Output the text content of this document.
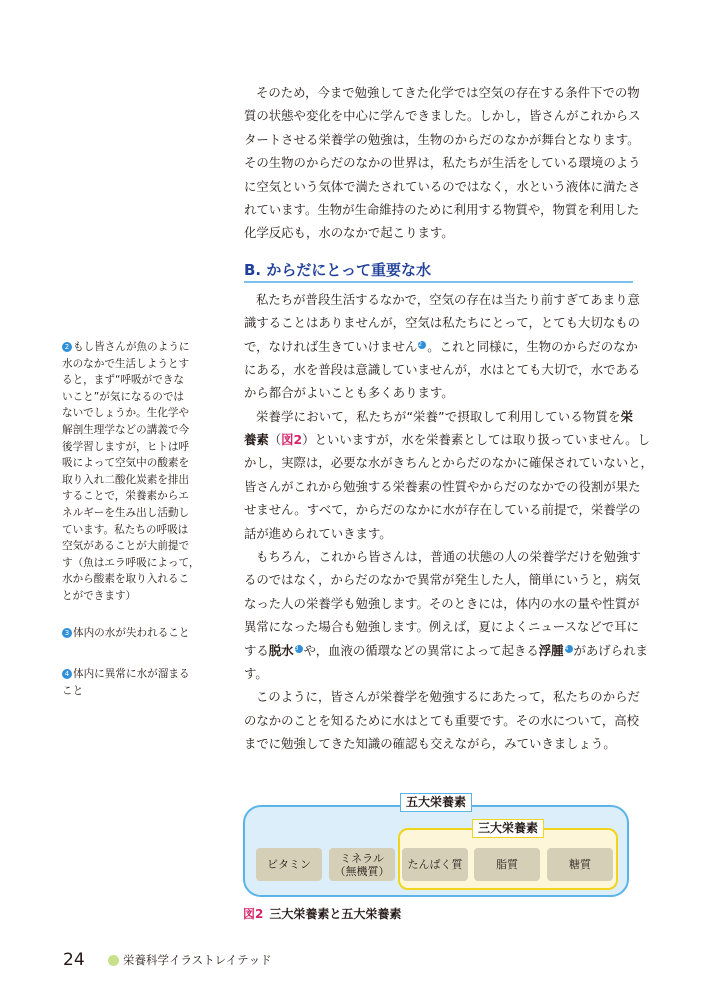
そのため，今まで勉強してきた化学では空気の存在する条件下での物
質の状態や変化を中心に学んできました。しかし，皆さんがこれからス
タートさせる栄養学の勉強は，生物のからだのなかが舞台となります。
その生物のからだのなかの世界は，私たちが生活をしている環境のよう
に空気という気体で満たされているのではなく，水という液体に満たさ
れています。生物が生命維持のために利用する物質や，物質を利用した
化学反応も，水のなかで起こります。
B. からだにとって重要な水
私たちが普段生活するなかで，空気の存在は当たり前すぎてあまり意
識することはありませんが，空気は私たちにとって，とても大切なもの
で，なければ生きていけません2 。これと同様に，生物のからだのなか
にある，水を普段は意識していませんが，水はとても大切で，水である
から都合がよいことも多くあります。
栄養学において，私たちが“栄養”で摂取して利用している物質を栄
養素（図2）といいますが，水を栄養素としては取り扱っていません。し
かし，実際は，必要な水がきちんとからだのなかに確保されていないと，
皆さんがこれから勉強する栄養素の性質やからだのなかでの役割が果た
せません。すべて，からだのなかに水が存在している前提で，栄養学の
話が進められていきます。
もちろん，これから皆さんは，普通の状態の人の栄養学だけを勉強す
るのではなく，からだのなかで異常が発生した人，簡単にいうと，病気
なった人の栄養学も勉強します。そのときには，体内の水の量や性質が
異常になった場合も勉強します。例えば，夏によくニュースなどで耳に
する脱水3 や，血液の循環などの異常によって起きる浮腫4 があげられま
す。
このように，皆さんが栄養学を勉強するにあたって，私たちのからだ
のなかのことを知るために水はとても重要です。その水について，高校
までに勉強してきた知識の確認も交えながら，みていきましょう。
2 もし皆さんが魚のように
水のなかで生活しようとす
ると，まず“呼吸ができな
いこと”が気になるのでは
ないでしょうか。生化学や
解剖生理学などの講義で今
後学習しますが，ヒトは呼
吸によって空気中の酸素を
取り入れ二酸化炭素を排出
することで，栄養素からエ
ネルギーを生み出し活動し
ています。私たちの呼吸は
空気があることが大前提で
す（魚はエラ呼吸によって，
水から酸素を取り入れるこ
とができます）
3 体内の水が失われること
4 体内に異常に水が溜まる
こと
五大栄養素
三大栄養素
ビタミン	ミネラル
（無機質）	たんぱく質	脂質	糖質
図2 三大栄養素と五大栄養素
24	栄養科学イラストレイテッド
